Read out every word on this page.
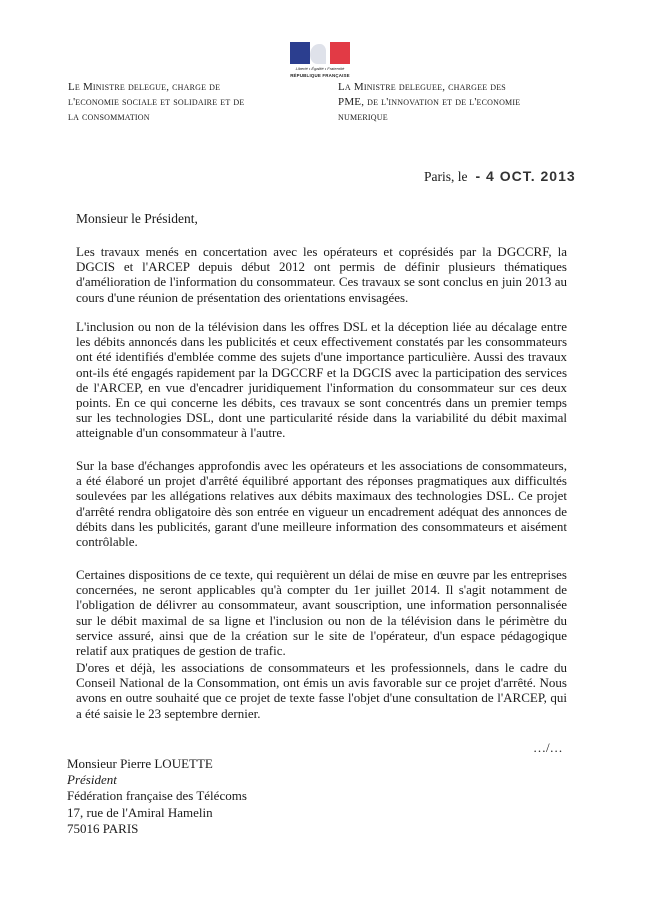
Liberté • Égalité • Fraternité
RÉPUBLIQUE FRANÇAISE
Le Ministre delegue, charge de
l'economie sociale et solidaire et de
la consommation
La Ministre deleguee, chargee des
PME, de l'innovation et de l'economie
numerique
Paris, le - 4 OCT. 2013
Monsieur le Président,

Les travaux menés en concertation avec les opérateurs et coprésidés par la DGCCRF, la DGCIS et l'ARCEP depuis début 2012 ont permis de définir plusieurs thématiques d'amélioration de l'information du consommateur. Ces travaux se sont conclus en juin 2013 au cours d'une réunion de présentation des orientations envisagées.

L'inclusion ou non de la télévision dans les offres DSL et la déception liée au décalage entre les débits annoncés dans les publicités et ceux effectivement constatés par les consommateurs ont été identifiés d'emblée comme des sujets d'une importance particulière. Aussi des travaux ont-ils été engagés rapidement par la DGCCRF et la DGCIS avec la participation des services de l'ARCEP, en vue d'encadrer juridiquement l'information du consommateur sur ces deux points. En ce qui concerne les débits, ces travaux se sont concentrés dans un premier temps sur les technologies DSL, dont une particularité réside dans la variabilité du débit maximal atteignable d'un consommateur à l'autre.

Sur la base d'échanges approfondis avec les opérateurs et les associations de consommateurs, a été élaboré un projet d'arrêté équilibré apportant des réponses pragmatiques aux difficultés soulevées par les allégations relatives aux débits maximaux des technologies DSL. Ce projet d'arrêté rendra obligatoire dès son entrée en vigueur un encadrement adéquat des annonces de débits dans les publicités, garant d'une meilleure information des consommateurs et aisément contrôlable.

Certaines dispositions de ce texte, qui requièrent un délai de mise en œuvre par les entreprises concernées, ne seront applicables qu'à compter du 1er juillet 2014. Il s'agit notamment de l'obligation de délivrer au consommateur, avant souscription, une information personnalisée sur le débit maximal de sa ligne et l'inclusion ou non de la télévision dans le périmètre du service assuré, ainsi que de la création sur le site de l'opérateur, d'un espace pédagogique relatif aux pratiques de gestion de trafic.

D'ores et déjà, les associations de consommateurs et les professionnels, dans le cadre du Conseil National de la Consommation, ont émis un avis favorable sur ce projet d'arrêté. Nous avons en outre souhaité que ce projet de texte fasse l'objet d'une consultation de l'ARCEP, qui a été saisie le 23 septembre dernier.

…/…
Monsieur Pierre LOUETTE
Président
Fédération française des Télécoms
17, rue de l'Amiral Hamelin
75016 PARIS
